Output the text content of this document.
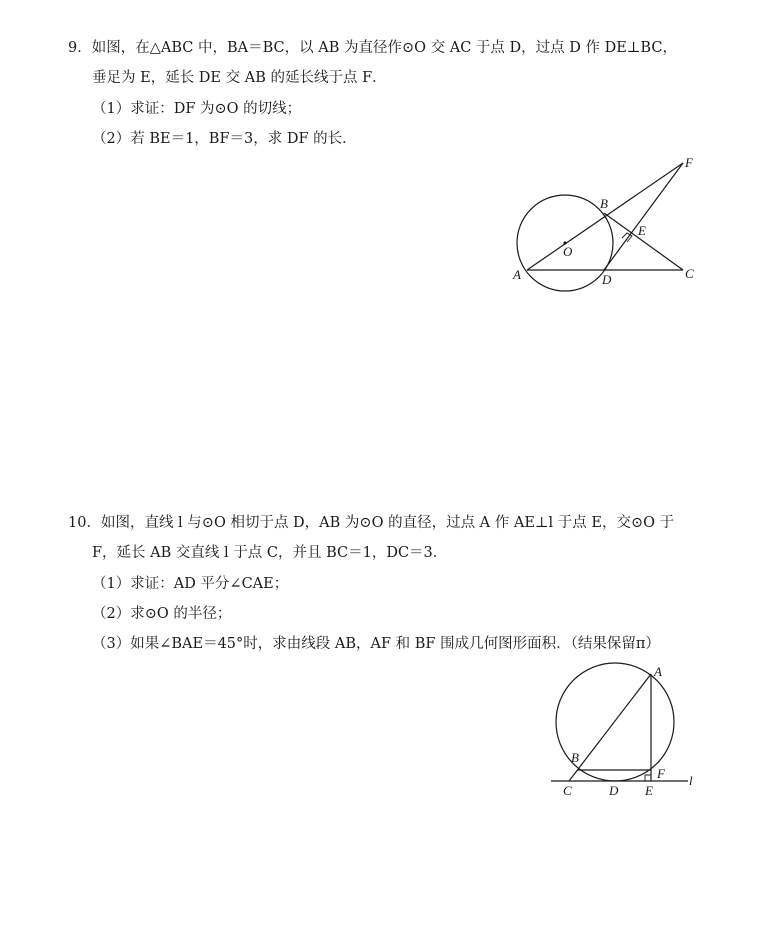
9．如图，在△ABC 中，BA＝BC，以 AB 为直径作⊙O 交 AC 于点 D，过点 D 作 DE⊥BC，
垂足为 E，延长 DE 交 AB 的延长线于点 F．
（1）求证：DF 为⊙O 的切线；
（2）若 BE＝1，BF＝3，求 DF 的长．
F
B
E
O
A	D	C
10．如图，直线 l 与⊙O 相切于点 D，AB 为⊙O 的直径，过点 A 作 AE⊥l 于点 E，交⊙O 于
F，延长 AB 交直线 l 于点 C，并且 BC＝1，DC＝3．
（1）求证：AD 平分∠CAE；
（2）求⊙O 的半径；
（3）如果∠BAE＝45°时，求由线段 AB，AF 和 BF 围成几何图形面积．（结果保留π）
A
B
F l
C	D E
